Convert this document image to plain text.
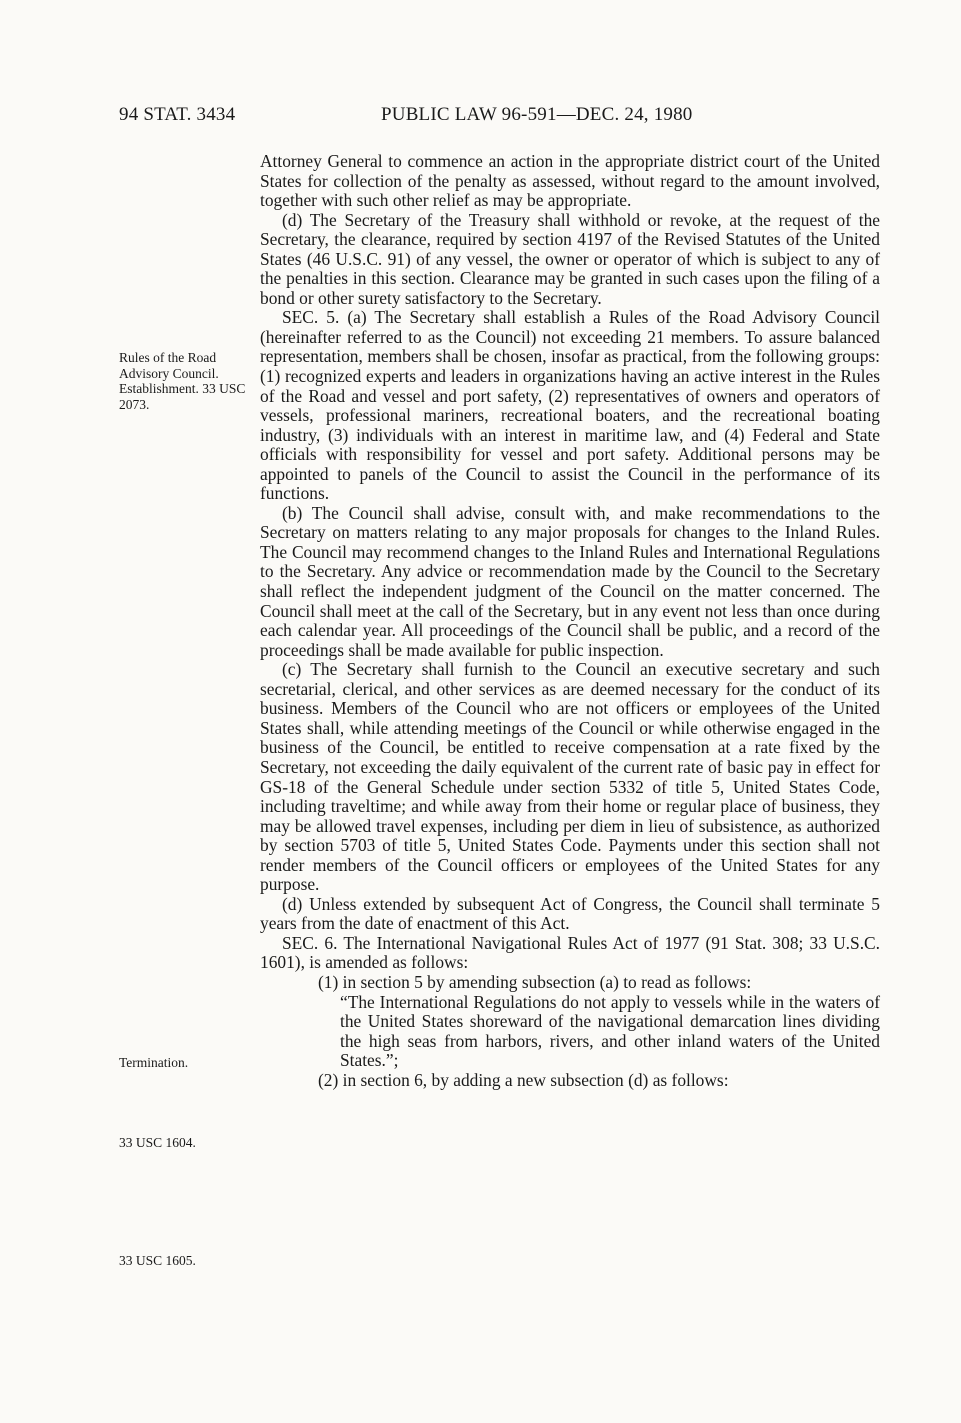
94 STAT. 3434	PUBLIC LAW 96-591—DEC. 24, 1980
Rules of the Road Advisory Council. Establishment. 33 USC 2073.
Termination.
33 USC 1604.
33 USC 1605.

Attorney General to commence an action in the appropriate district court of the United States for collection of the penalty as assessed, without regard to the amount involved, together with such other relief as may be appropriate.

(d) The Secretary of the Treasury shall withhold or revoke, at the request of the Secretary, the clearance, required by section 4197 of the Revised Statutes of the United States (46 U.S.C. 91) of any vessel, the owner or operator of which is subject to any of the penalties in this section. Clearance may be granted in such cases upon the filing of a bond or other surety satisfactory to the Secretary.

SEC. 5. (a) The Secretary shall establish a Rules of the Road Advisory Council (hereinafter referred to as the Council) not exceeding 21 members. To assure balanced representation, members shall be chosen, insofar as practical, from the following groups: (1) recognized experts and leaders in organizations having an active interest in the Rules of the Road and vessel and port safety, (2) representatives of owners and operators of vessels, professional mariners, recreational boaters, and the recreational boating industry, (3) individuals with an interest in maritime law, and (4) Federal and State officials with responsibility for vessel and port safety. Additional persons may be appointed to panels of the Council to assist the Council in the performance of its functions.

(b) The Council shall advise, consult with, and make recommendations to the Secretary on matters relating to any major proposals for changes to the Inland Rules. The Council may recommend changes to the Inland Rules and International Regulations to the Secretary. Any advice or recommendation made by the Council to the Secretary shall reflect the independent judgment of the Council on the matter concerned. The Council shall meet at the call of the Secretary, but in any event not less than once during each calendar year. All proceedings of the Council shall be public, and a record of the proceedings shall be made available for public inspection.

(c) The Secretary shall furnish to the Council an executive secretary and such secretarial, clerical, and other services as are deemed necessary for the conduct of its business. Members of the Council who are not officers or employees of the United States shall, while attending meetings of the Council or while otherwise engaged in the business of the Council, be entitled to receive compensation at a rate fixed by the Secretary, not exceeding the daily equivalent of the current rate of basic pay in effect for GS-18 of the General Schedule under section 5332 of title 5, United States Code, including traveltime; and while away from their home or regular place of business, they may be allowed travel expenses, including per diem in lieu of subsistence, as authorized by section 5703 of title 5, United States Code. Payments under this section shall not render members of the Council officers or employees of the United States for any purpose.

(d) Unless extended by subsequent Act of Congress, the Council shall terminate 5 years from the date of enactment of this Act.

SEC. 6. The International Navigational Rules Act of 1977 (91 Stat. 308; 33 U.S.C. 1601), is amended as follows:

(1) in section 5 by amending subsection (a) to read as follows:

“The International Regulations do not apply to vessels while in the waters of the United States shoreward of the navigational demarcation lines dividing the high seas from harbors, rivers, and other inland waters of the United States.”;

(2) in section 6, by adding a new subsection (d) as follows:
